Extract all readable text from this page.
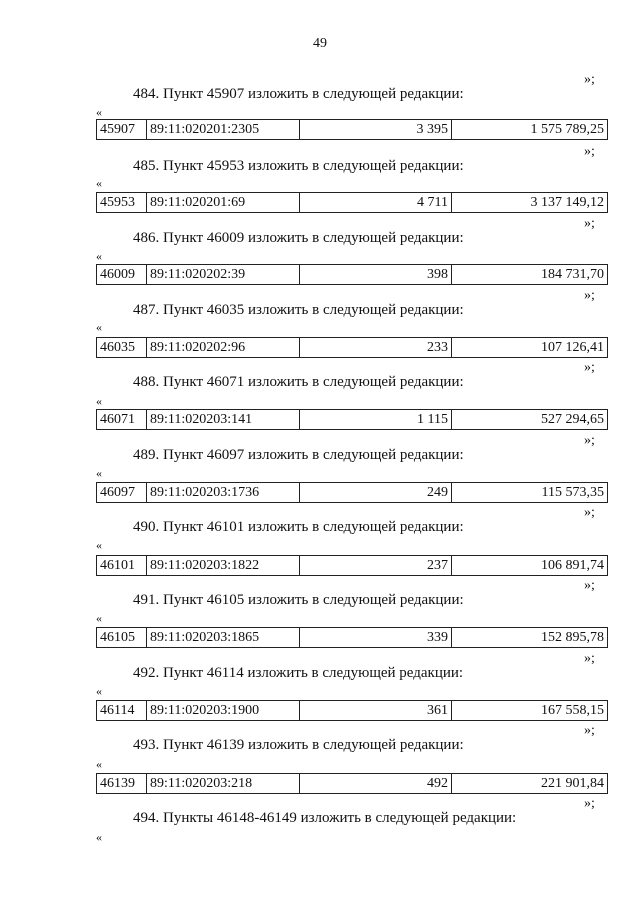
49
»;
484. Пункт 45907 изложить в следующей редакции:
«
45907	89:11:020201:2305	3 395	1 575 789,25
»;
485. Пункт 45953 изложить в следующей редакции:
«
45953	89:11:020201:69	4 711	3 137 149,12
»;
486. Пункт 46009 изложить в следующей редакции:
«
46009	89:11:020202:39	398	184 731,70
»;
487. Пункт 46035 изложить в следующей редакции:
«
46035	89:11:020202:96	233	107 126,41
»;
488. Пункт 46071 изложить в следующей редакции:
«
46071	89:11:020203:141	1 115	527 294,65
»;
489. Пункт 46097 изложить в следующей редакции:
«
46097	89:11:020203:1736	249	115 573,35
»;
490. Пункт 46101 изложить в следующей редакции:
«
46101	89:11:020203:1822	237	106 891,74
»;
491. Пункт 46105 изложить в следующей редакции:
«
46105	89:11:020203:1865	339	152 895,78
»;
492. Пункт 46114 изложить в следующей редакции:
«
46114	89:11:020203:1900	361	167 558,15
»;
493. Пункт 46139 изложить в следующей редакции:
«
46139	89:11:020203:218	492	221 901,84
»;
494. Пункты 46148-46149 изложить в следующей редакции:
«
